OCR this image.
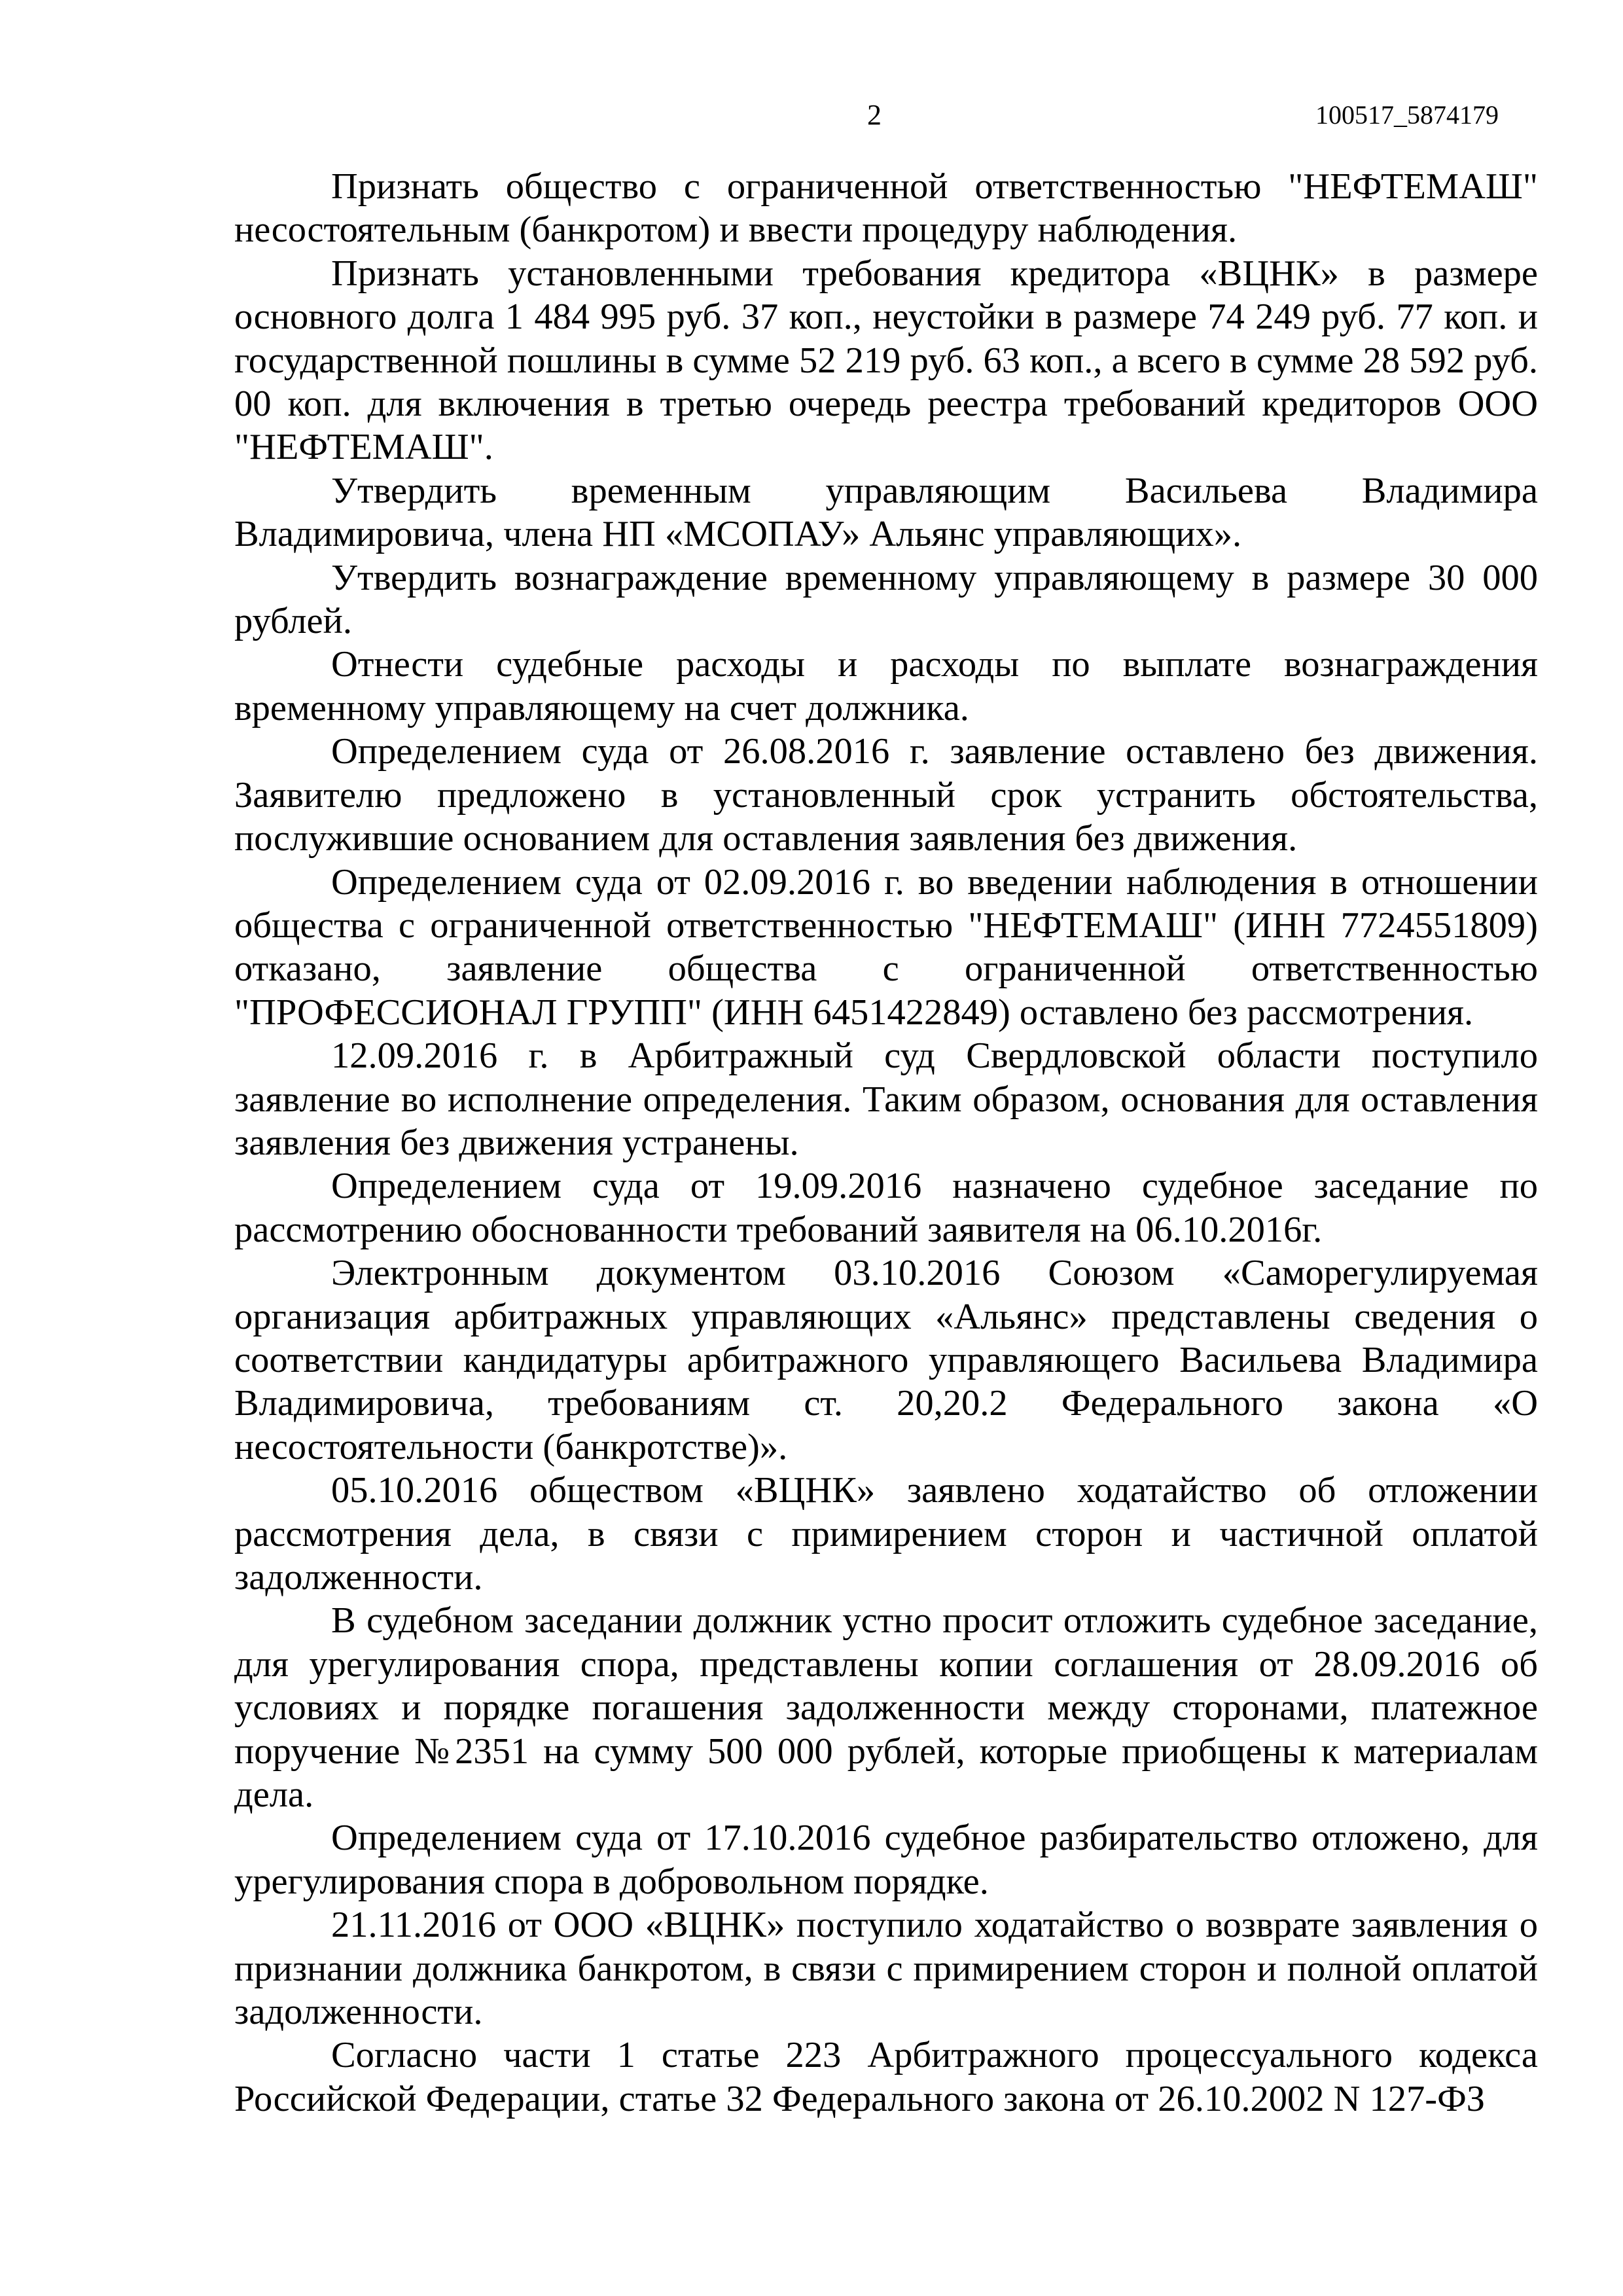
2	100517_5874179

Признать общество с ограниченной ответственностью "НЕФТЕМАШ" несостоятельным (банкротом) и ввести процедуру наблюдения.

Признать установленными требования кредитора «ВЦНК» в размере основного долга 1 484 995 руб. 37 коп., неустойки в размере 74 249 руб. 77 коп. и государственной пошлины в сумме 52 219 руб. 63 коп., а всего в сумме 28 592 руб. 00 коп. для включения в третью очередь реестра требований кредиторов ООО "НЕФТЕМАШ".

Утвердить временным управляющим Васильева Владимира Владимировича, члена НП «МСОПАУ» Альянс управляющих».

Утвердить вознаграждение временному управляющему в размере 30 000 рублей.

Отнести судебные расходы и расходы по выплате вознаграждения временному управляющему на счет должника.

Определением суда от 26.08.2016 г. заявление оставлено без движения. Заявителю предложено в установленный срок устранить обстоятельства, послужившие основанием для оставления заявления без движения.

Определением суда от 02.09.2016 г. во введении наблюдения в отношении общества с ограниченной ответственностью "НЕФТЕМАШ" (ИНН 7724551809) отказано, заявление общества с ограниченной ответственностью "ПРОФЕССИОНАЛ ГРУПП" (ИНН 6451422849) оставлено без рассмотрения.

12.09.2016 г. в Арбитражный суд Свердловской области поступило заявление во исполнение определения. Таким образом, основания для оставления заявления без движения устранены.

Определением суда от 19.09.2016 назначено судебное заседание по рассмотрению обоснованности требований заявителя на 06.10.2016г.

Электронным документом 03.10.2016 Союзом «Саморегулируемая организация арбитражных управляющих «Альянс» представлены сведения о соответствии кандидатуры арбитражного управляющего Васильева Владимира Владимировича, требованиям ст. 20,20.2 Федерального закона «О несостоятельности (банкротстве)».

05.10.2016 обществом «ВЦНК» заявлено ходатайство об отложении рассмотрения дела, в связи с примирением сторон и частичной оплатой задолженности.

В судебном заседании должник устно просит отложить судебное заседание, для урегулирования спора, представлены копии соглашения от 28.09.2016 об условиях и порядке погашения задолженности между сторонами, платежное поручение №2351 на сумму 500 000 рублей, которые приобщены к материалам дела.

Определением суда от 17.10.2016 судебное разбирательство отложено, для урегулирования спора в добровольном порядке.

21.11.2016 от ООО «ВЦНК» поступило ходатайство о возврате заявления о признании должника банкротом, в связи с примирением сторон и полной оплатой задолженности.

Согласно части 1 статье 223 Арбитражного процессуального кодекса Российской Федерации, статье 32 Федерального закона от 26.10.2002 N 127-ФЗ
